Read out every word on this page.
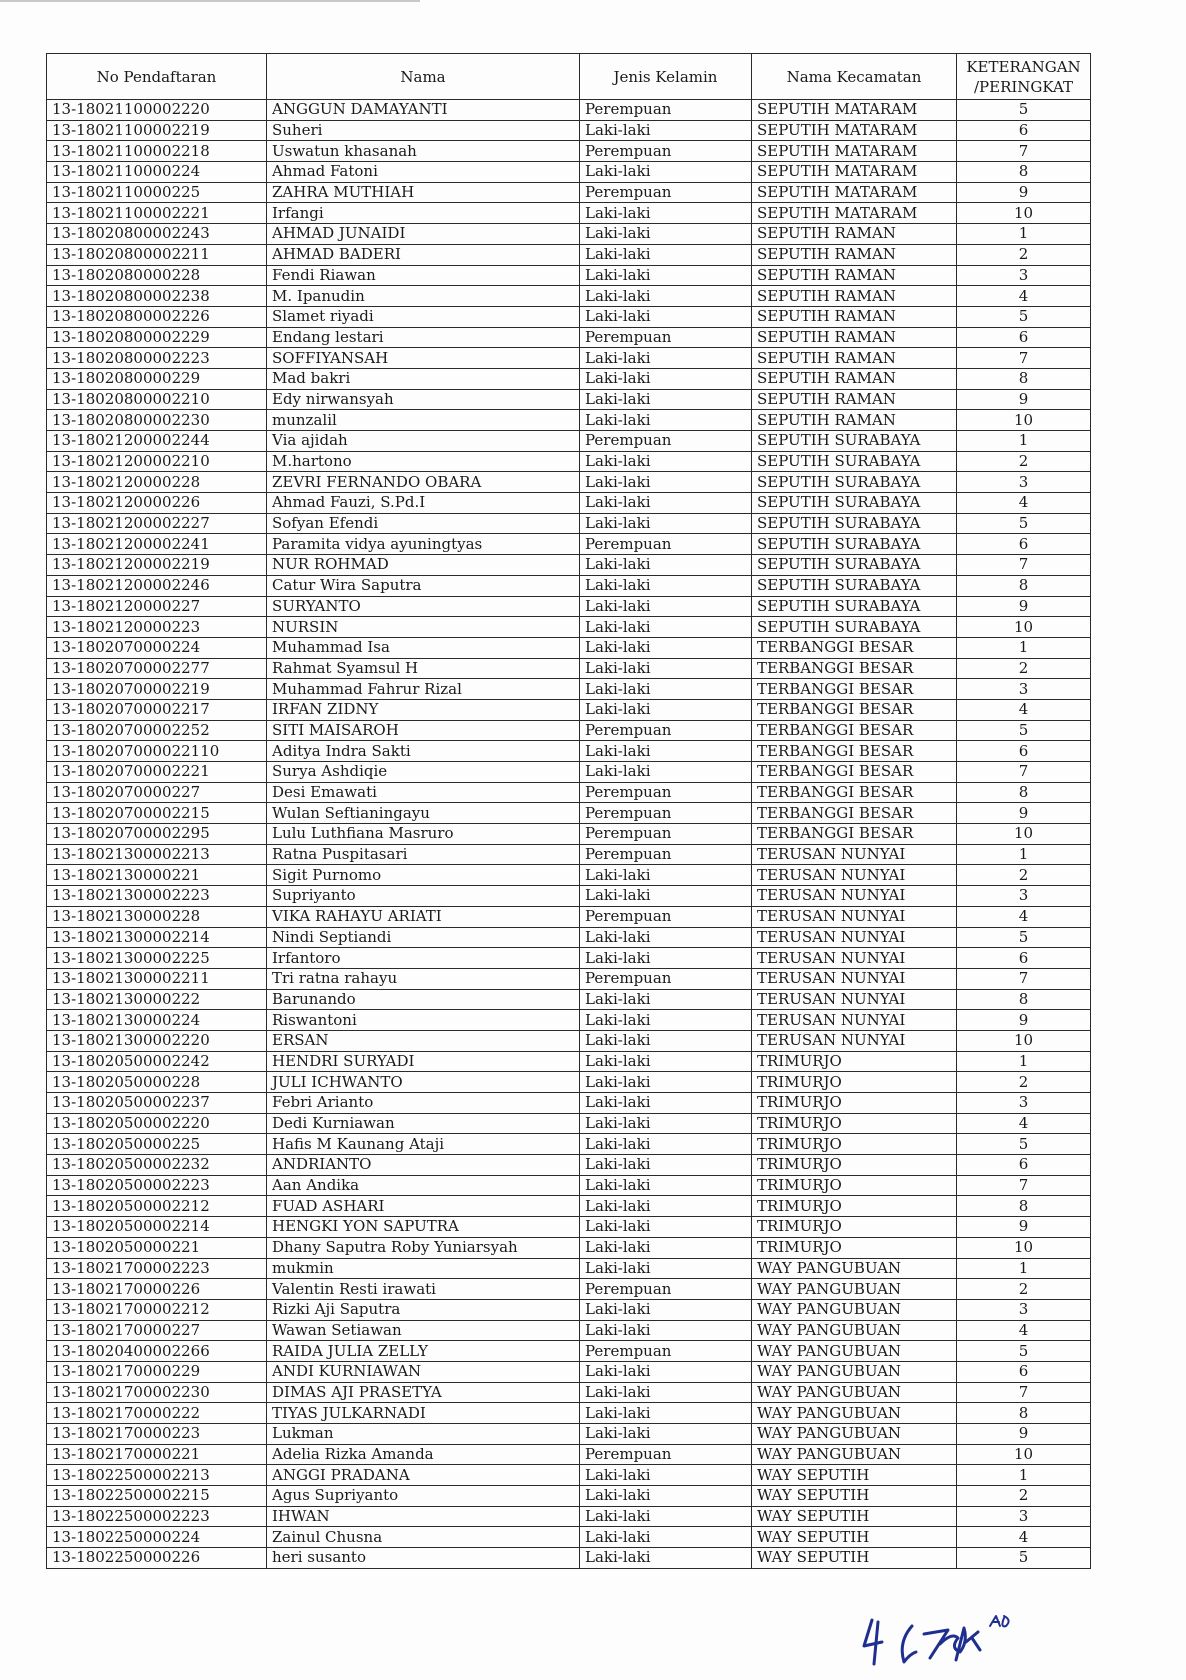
No Pendaftaran	Nama	Jenis Kelamin	Nama Kecamatan	KETERANGAN
/PERINGKAT
13-18021100002220	ANGGUN DAMAYANTI	Perempuan	SEPUTIH MATARAM	5
13-18021100002219	Suheri	Laki-laki	SEPUTIH MATARAM	6
13-18021100002218	Uswatun khasanah	Perempuan	SEPUTIH MATARAM	7
13-1802110000224	Ahmad Fatoni	Laki-laki	SEPUTIH MATARAM	8
13-1802110000225	ZAHRA MUTHIAH	Perempuan	SEPUTIH MATARAM	9
13-18021100002221	Irfangi	Laki-laki	SEPUTIH MATARAM	10
13-18020800002243	AHMAD JUNAIDI	Laki-laki	SEPUTIH RAMAN	1
13-18020800002211	AHMAD BADERI	Laki-laki	SEPUTIH RAMAN	2
13-1802080000228	Fendi Riawan	Laki-laki	SEPUTIH RAMAN	3
13-18020800002238	M. Ipanudin	Laki-laki	SEPUTIH RAMAN	4
13-18020800002226	Slamet riyadi	Laki-laki	SEPUTIH RAMAN	5
13-18020800002229	Endang lestari	Perempuan	SEPUTIH RAMAN	6
13-18020800002223	SOFFIYANSAH	Laki-laki	SEPUTIH RAMAN	7
13-1802080000229	Mad bakri	Laki-laki	SEPUTIH RAMAN	8
13-18020800002210	Edy nirwansyah	Laki-laki	SEPUTIH RAMAN	9
13-18020800002230	munzalil	Laki-laki	SEPUTIH RAMAN	10
13-18021200002244	Via ajidah	Perempuan	SEPUTIH SURABAYA	1
13-18021200002210	M.hartono	Laki-laki	SEPUTIH SURABAYA	2
13-1802120000228	ZEVRI FERNANDO OBARA	Laki-laki	SEPUTIH SURABAYA	3
13-1802120000226	Ahmad Fauzi, S.Pd.I	Laki-laki	SEPUTIH SURABAYA	4
13-18021200002227	Sofyan Efendi	Laki-laki	SEPUTIH SURABAYA	5
13-18021200002241	Paramita vidya ayuningtyas	Perempuan	SEPUTIH SURABAYA	6
13-18021200002219	NUR ROHMAD	Laki-laki	SEPUTIH SURABAYA	7
13-18021200002246	Catur Wira Saputra	Laki-laki	SEPUTIH SURABAYA	8
13-1802120000227	SURYANTO	Laki-laki	SEPUTIH SURABAYA	9
13-1802120000223	NURSIN	Laki-laki	SEPUTIH SURABAYA	10
13-1802070000224	Muhammad Isa	Laki-laki	TERBANGGI BESAR	1
13-18020700002277	Rahmat Syamsul H	Laki-laki	TERBANGGI BESAR	2
13-18020700002219	Muhammad Fahrur Rizal	Laki-laki	TERBANGGI BESAR	3
13-18020700002217	IRFAN ZIDNY	Laki-laki	TERBANGGI BESAR	4
13-18020700002252	SITI MAISAROH	Perempuan	TERBANGGI BESAR	5
13-180207000022110	Aditya Indra Sakti	Laki-laki	TERBANGGI BESAR	6
13-18020700002221	Surya Ashdiqie	Laki-laki	TERBANGGI BESAR	7
13-1802070000227	Desi Emawati	Perempuan	TERBANGGI BESAR	8
13-18020700002215	Wulan Seftianingayu	Perempuan	TERBANGGI BESAR	9
13-18020700002295	Lulu Luthfiana Masruro	Perempuan	TERBANGGI BESAR	10
13-18021300002213	Ratna Puspitasari	Perempuan	TERUSAN NUNYAI	1
13-1802130000221	Sigit Purnomo	Laki-laki	TERUSAN NUNYAI	2
13-18021300002223	Supriyanto	Laki-laki	TERUSAN NUNYAI	3
13-1802130000228	VIKA RAHAYU ARIATI	Perempuan	TERUSAN NUNYAI	4
13-18021300002214	Nindi Septiandi	Laki-laki	TERUSAN NUNYAI	5
13-18021300002225	Irfantoro	Laki-laki	TERUSAN NUNYAI	6
13-18021300002211	Tri ratna rahayu	Perempuan	TERUSAN NUNYAI	7
13-1802130000222	Barunando	Laki-laki	TERUSAN NUNYAI	8
13-1802130000224	Riswantoni	Laki-laki	TERUSAN NUNYAI	9
13-18021300002220	ERSAN	Laki-laki	TERUSAN NUNYAI	10
13-18020500002242	HENDRI SURYADI	Laki-laki	TRIMURJO	1
13-1802050000228	JULI ICHWANTO	Laki-laki	TRIMURJO	2
13-18020500002237	Febri Arianto	Laki-laki	TRIMURJO	3
13-18020500002220	Dedi Kurniawan	Laki-laki	TRIMURJO	4
13-1802050000225	Hafis M Kaunang Ataji	Laki-laki	TRIMURJO	5
13-18020500002232	ANDRIANTO	Laki-laki	TRIMURJO	6
13-18020500002223	Aan Andika	Laki-laki	TRIMURJO	7
13-18020500002212	FUAD ASHARI	Laki-laki	TRIMURJO	8
13-18020500002214	HENGKI YON SAPUTRA	Laki-laki	TRIMURJO	9
13-1802050000221	Dhany Saputra Roby Yuniarsyah	Laki-laki	TRIMURJO	10
13-18021700002223	mukmin	Laki-laki	WAY PANGUBUAN	1
13-1802170000226	Valentin Resti irawati	Perempuan	WAY PANGUBUAN	2
13-18021700002212	Rizki Aji Saputra	Laki-laki	WAY PANGUBUAN	3
13-1802170000227	Wawan Setiawan	Laki-laki	WAY PANGUBUAN	4
13-18020400002266	RAIDA JULIA ZELLY	Perempuan	WAY PANGUBUAN	5
13-1802170000229	ANDI KURNIAWAN	Laki-laki	WAY PANGUBUAN	6
13-18021700002230	DIMAS AJI PRASETYA	Laki-laki	WAY PANGUBUAN	7
13-1802170000222	TIYAS JULKARNADI	Laki-laki	WAY PANGUBUAN	8
13-1802170000223	Lukman	Laki-laki	WAY PANGUBUAN	9
13-1802170000221	Adelia Rizka Amanda	Perempuan	WAY PANGUBUAN	10
13-18022500002213	ANGGI PRADANA	Laki-laki	WAY SEPUTIH	1
13-18022500002215	Agus Supriyanto	Laki-laki	WAY SEPUTIH	2
13-18022500002223	IHWAN	Laki-laki	WAY SEPUTIH	3
13-1802250000224	Zainul Chusna	Laki-laki	WAY SEPUTIH	4
13-1802250000226	heri susanto	Laki-laki	WAY SEPUTIH	5
